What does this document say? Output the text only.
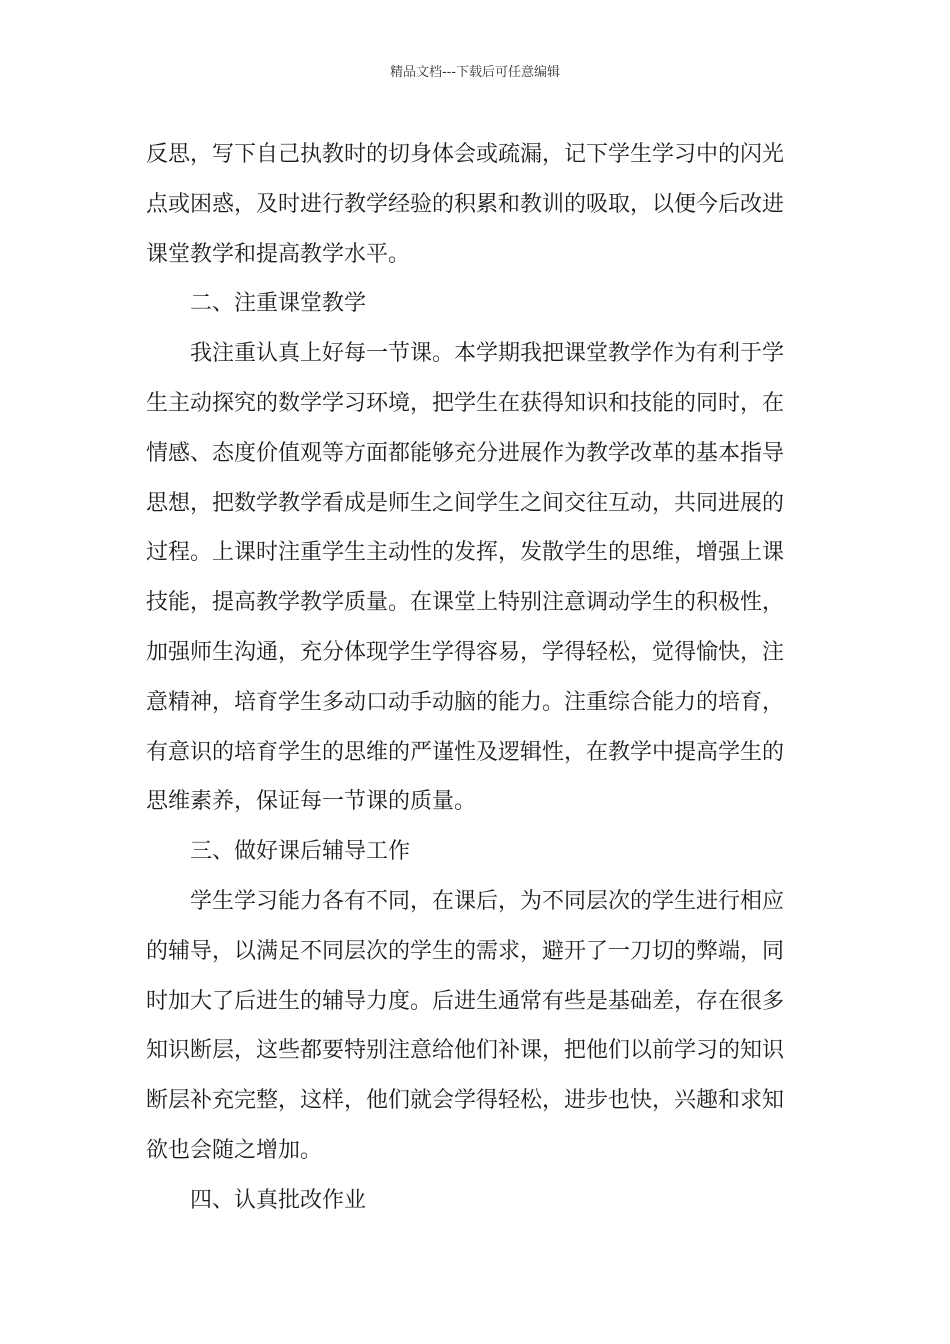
精品文档---下载后可任意编辑
反思，写下自己执教时的切身体会或疏漏，记下学生学习中的闪光
点或困惑，及时进行教学经验的积累和教训的吸取，以便今后改进
课堂教学和提高教学水平。
二、注重课堂教学
我注重认真上好每一节课。本学期我把课堂教学作为有利于学
生主动探究的数学学习环境，把学生在获得知识和技能的同时，在
情感、态度价值观等方面都能够充分进展作为教学改革的基本指导
思想，把数学教学看成是师生之间学生之间交往互动，共同进展的
过程。上课时注重学生主动性的发挥，发散学生的思维，增强上课
技能，提高教学教学质量。在课堂上特别注意调动学生的积极性，
加强师生沟通，充分体现学生学得容易，学得轻松，觉得愉快，注
意精神，培育学生多动口动手动脑的能力。注重综合能力的培育，
有意识的培育学生的思维的严谨性及逻辑性，在教学中提高学生的
思维素养，保证每一节课的质量。
三、做好课后辅导工作
学生学习能力各有不同，在课后，为不同层次的学生进行相应
的辅导，以满足不同层次的学生的需求，避开了一刀切的弊端，同
时加大了后进生的辅导力度。后进生通常有些是基础差，存在很多
知识断层，这些都要特别注意给他们补课，把他们以前学习的知识
断层补充完整，这样，他们就会学得轻松，进步也快，兴趣和求知
欲也会随之增加。
四、认真批改作业
